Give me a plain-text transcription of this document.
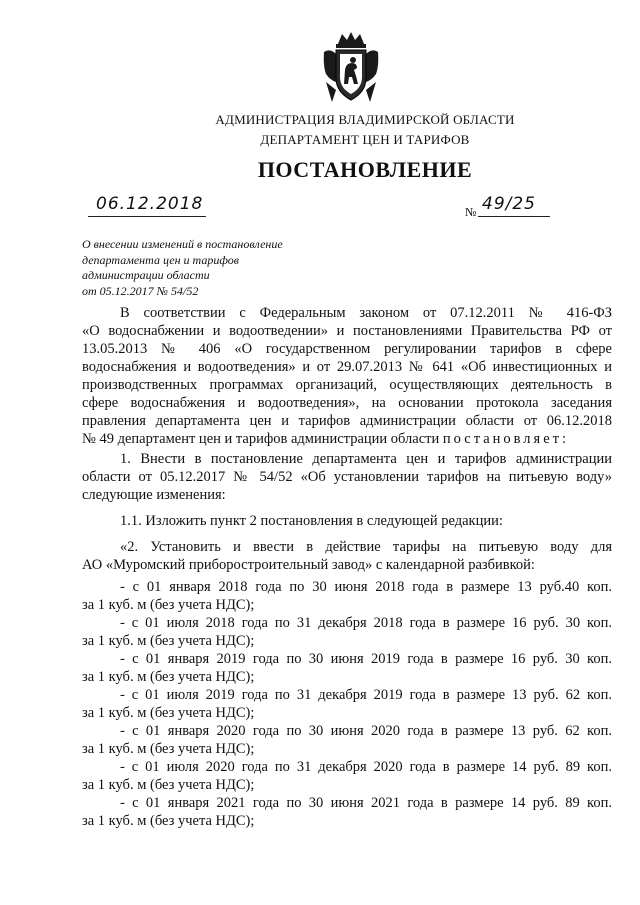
АДМИНИСТРАЦИЯ ВЛАДИМИРСКОЙ ОБЛАСТИ
ДЕПАРТАМЕНТ ЦЕН И ТАРИФОВ
ПОСТАНОВЛЕНИЕ
06.12.2018	№ 49/25
О внесении изменений в постановление
департамента цен и тарифов
администрации области
от 05.12.2017 № 54/52

В соответствии с Федеральным законом от 07.12.2011 № 416-ФЗ

«О водоснабжении и водоотведении» и постановлениями Правительства РФ от

13.05.2013 № 406 «О государственном регулировании тарифов в сфере

водоснабжения и водоотведения» и от 29.07.2013 № 641 «Об инвестиционных и

производственных программах организаций, осуществляющих деятельность в

сфере водоснабжения и водоотведения», на основании протокола заседания

правления департамента цен и тарифов администрации области от 06.12.2018

№ 49 департамент цен и тарифов администрации области постановляет:

1. Внести в постановление департамента цен и тарифов администрации

области от 05.12.2017 № 54/52 «Об установлении тарифов на питьевую воду»

следующие изменения:

1.1. Изложить пункт 2 постановления в следующей редакции:

«2. Установить и ввести в действие тарифы на питьевую воду для

АО «Муромский приборостроительный завод» с календарной разбивкой:

- с 01 января 2018 года по 30 июня 2018 года в размере 13 руб.40 коп.

за 1 куб. м (без учета НДС);

- с 01 июля 2018 года по 31 декабря 2018 года в размере 16 руб. 30 коп.

за 1 куб. м (без учета НДС);

- с 01 января 2019 года по 30 июня 2019 года в размере 16 руб. 30 коп.

за 1 куб. м (без учета НДС);

- с 01 июля 2019 года по 31 декабря 2019 года в размере 13 руб. 62 коп.

за 1 куб. м (без учета НДС);

- с 01 января 2020 года по 30 июня 2020 года в размере 13 руб. 62 коп.

за 1 куб. м (без учета НДС);

- с 01 июля 2020 года по 31 декабря 2020 года в размере 14 руб. 89 коп.

за 1 куб. м (без учета НДС);

- с 01 января 2021 года по 30 июня 2021 года в размере 14 руб. 89 коп.

за 1 куб. м (без учета НДС);
